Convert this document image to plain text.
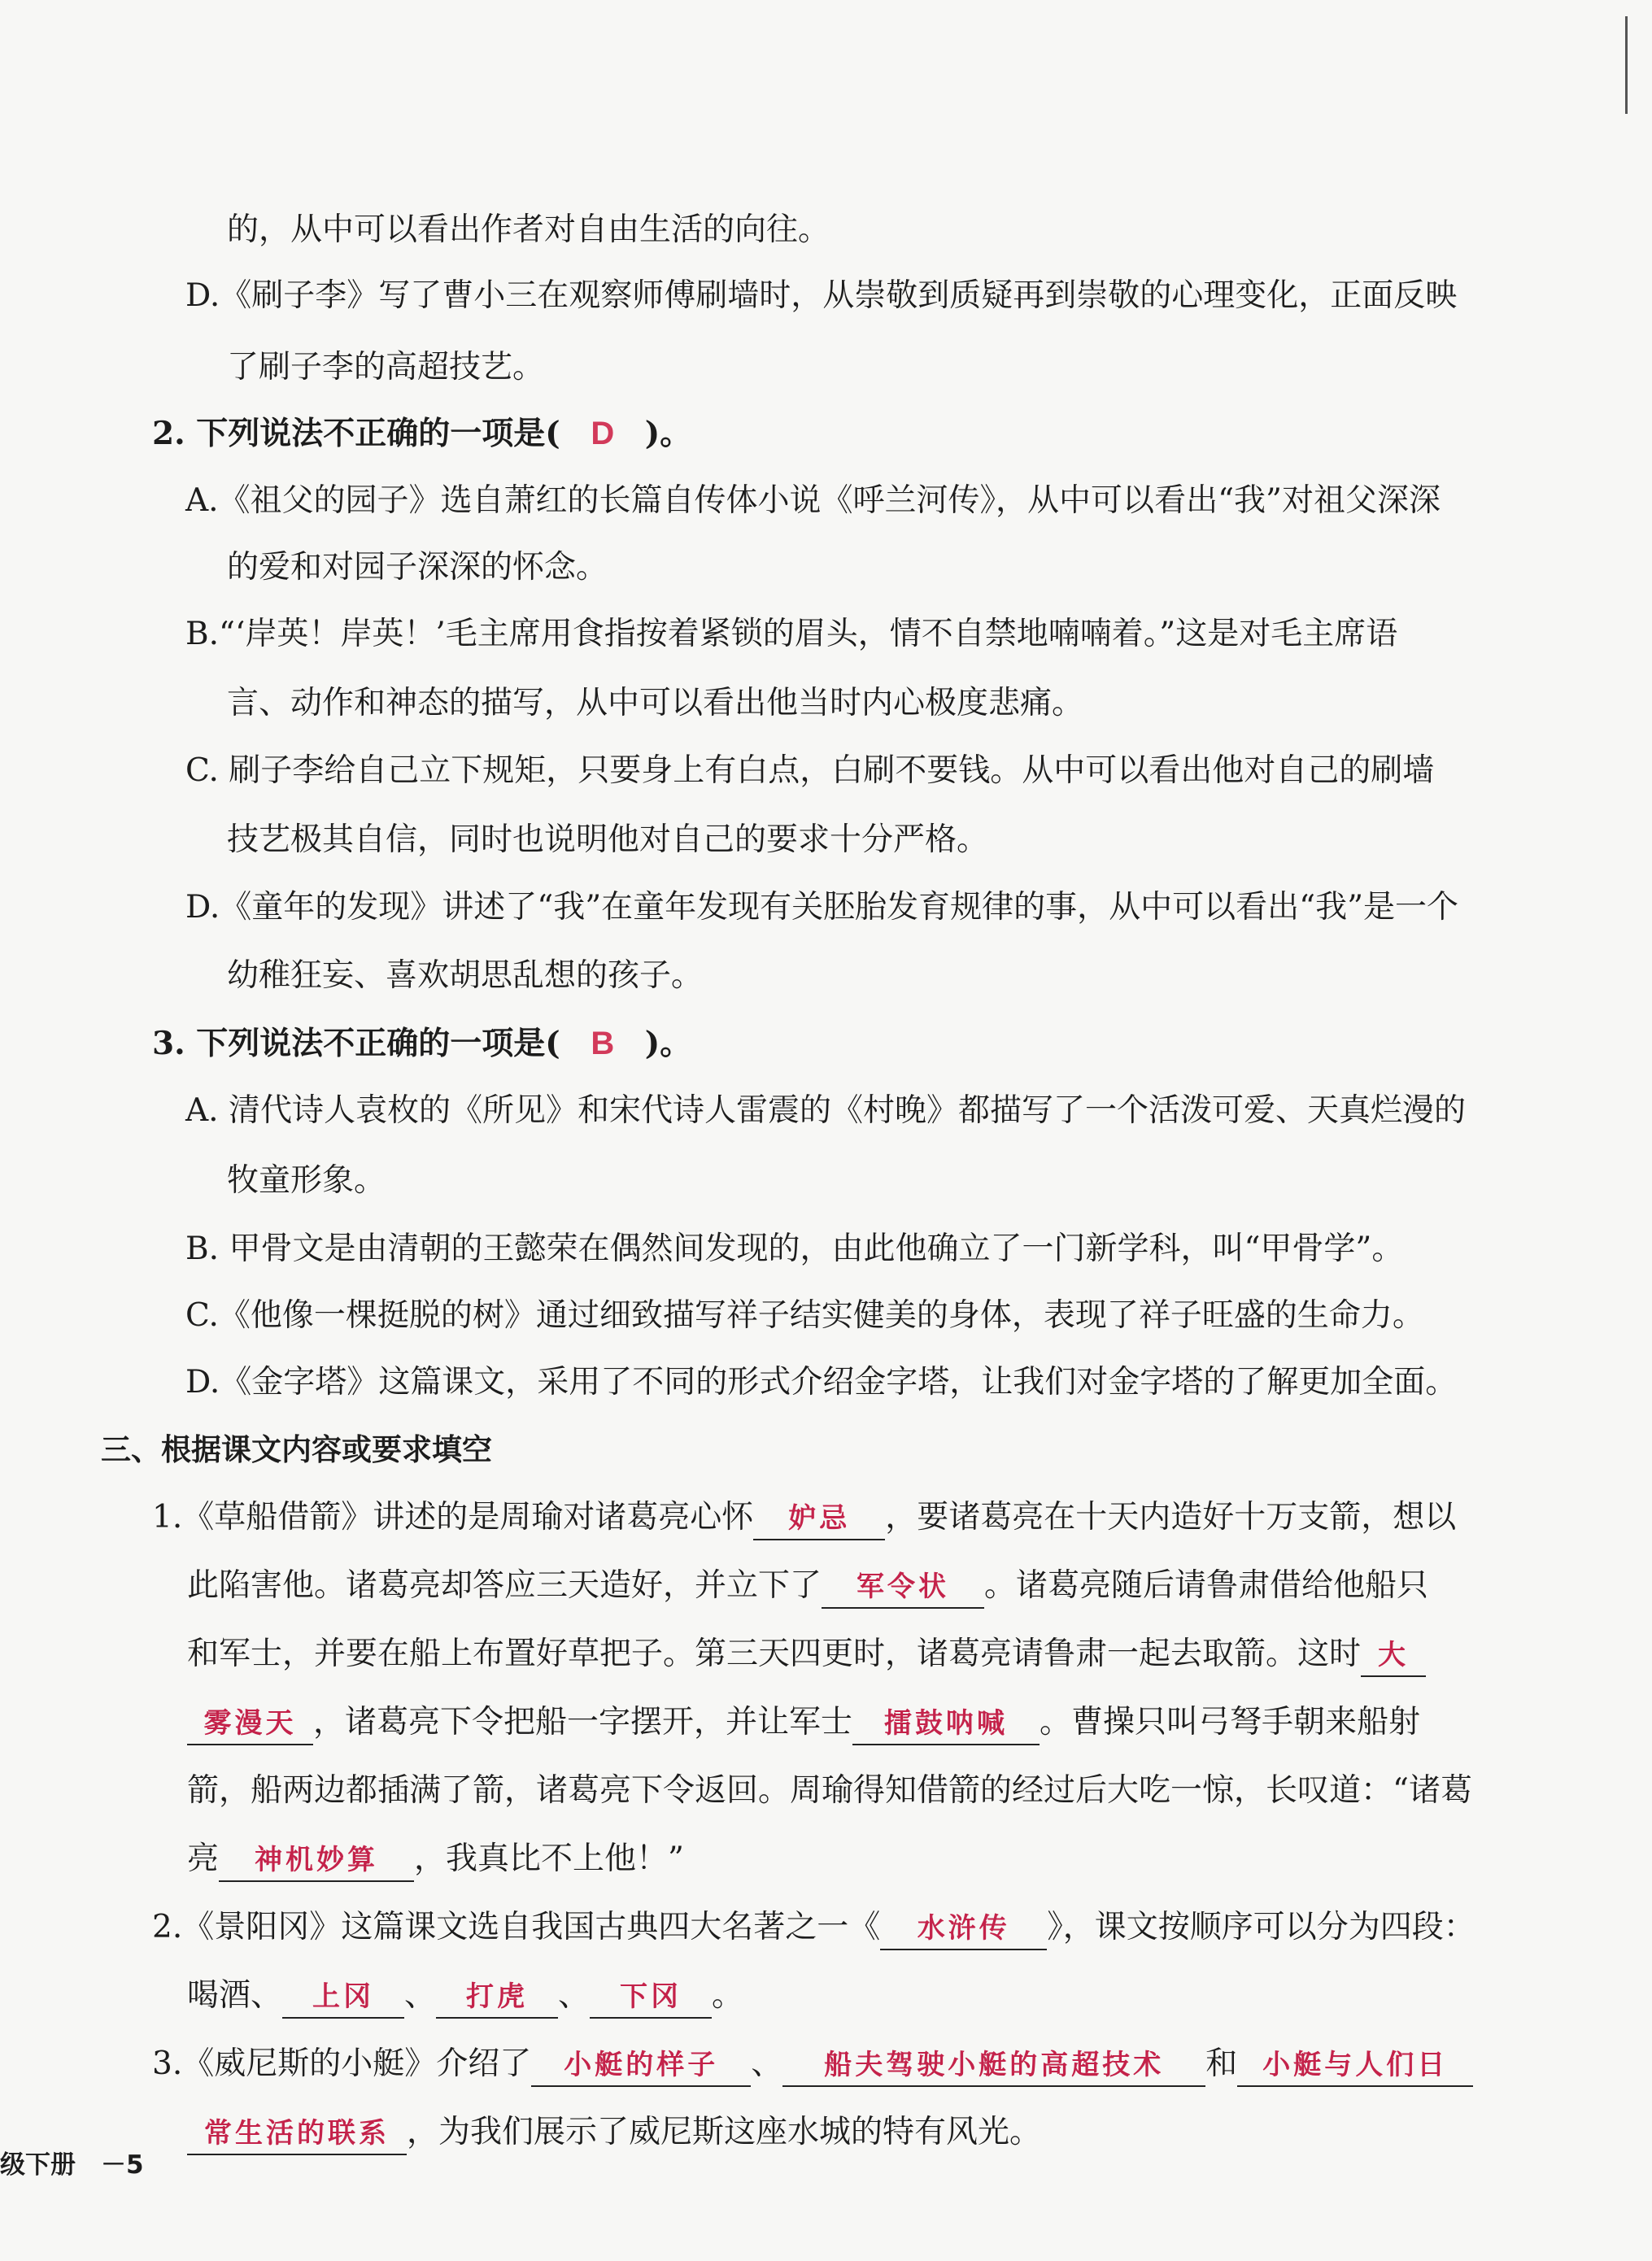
的，从中可以看出作者对自由生活的向往。
D.《刷子李》写了曹小三在观察师傅刷墙时，从崇敬到质疑再到崇敬的心理变化，正面反映
了刷子李的高超技艺。
2. 下列说法不正确的一项是( D )。
A.《祖父的园子》选自萧红的长篇自传体小说《呼兰河传》，从中可以看出“我”对祖父深深
的爱和对园子深深的怀念。
B.“‘岸英！岸英！’毛主席用食指按着紧锁的眉头，情不自禁地喃喃着。”这是对毛主席语
言、动作和神态的描写，从中可以看出他当时内心极度悲痛。
C. 刷子李给自己立下规矩，只要身上有白点，白刷不要钱。从中可以看出他对自己的刷墙
技艺极其自信，同时也说明他对自己的要求十分严格。
D.《童年的发现》讲述了“我”在童年发现有关胚胎发育规律的事，从中可以看出“我”是一个
幼稚狂妄、喜欢胡思乱想的孩子。
3. 下列说法不正确的一项是( B )。
A. 清代诗人袁枚的《所见》和宋代诗人雷震的《村晚》都描写了一个活泼可爱、天真烂漫的
牧童形象。
B. 甲骨文是由清朝的王懿荣在偶然间发现的，由此他确立了一门新学科，叫“甲骨学”。
C.《他像一棵挺脱的树》通过细致描写祥子结实健美的身体，表现了祥子旺盛的生命力。
D.《金字塔》这篇课文，采用了不同的形式介绍金字塔，让我们对金字塔的了解更加全面。
三、根据课文内容或要求填空
1.《草船借箭》讲述的是周瑜对诸葛亮心怀 妒忌 ，要诸葛亮在十天内造好十万支箭，想以
此陷害他。诸葛亮却答应三天造好，并立下了 军令状 。诸葛亮随后请鲁肃借给他船只
和军士，并要在船上布置好草把子。第三天四更时，诸葛亮请鲁肃一起去取箭。这时 大
雾漫天 ，诸葛亮下令把船一字摆开，并让军士 擂鼓呐喊 。曹操只叫弓弩手朝来船射
箭，船两边都插满了箭，诸葛亮下令返回。周瑜得知借箭的经过后大吃一惊，长叹道：“诸葛
亮 神机妙算 ，我真比不上他！”
2.《景阳冈》这篇课文选自我国古典四大名著之一《 水浒传 》，课文按顺序可以分为四段：
喝酒、 上冈 、 打虎 、 下冈 。
3.《威尼斯的小艇》介绍了 小艇的样子 、 船夫驾驶小艇的高超技术 和 小艇与人们日
常生活的联系 ，为我们展示了威尼斯这座水城的特有风光。
级下册　－5
